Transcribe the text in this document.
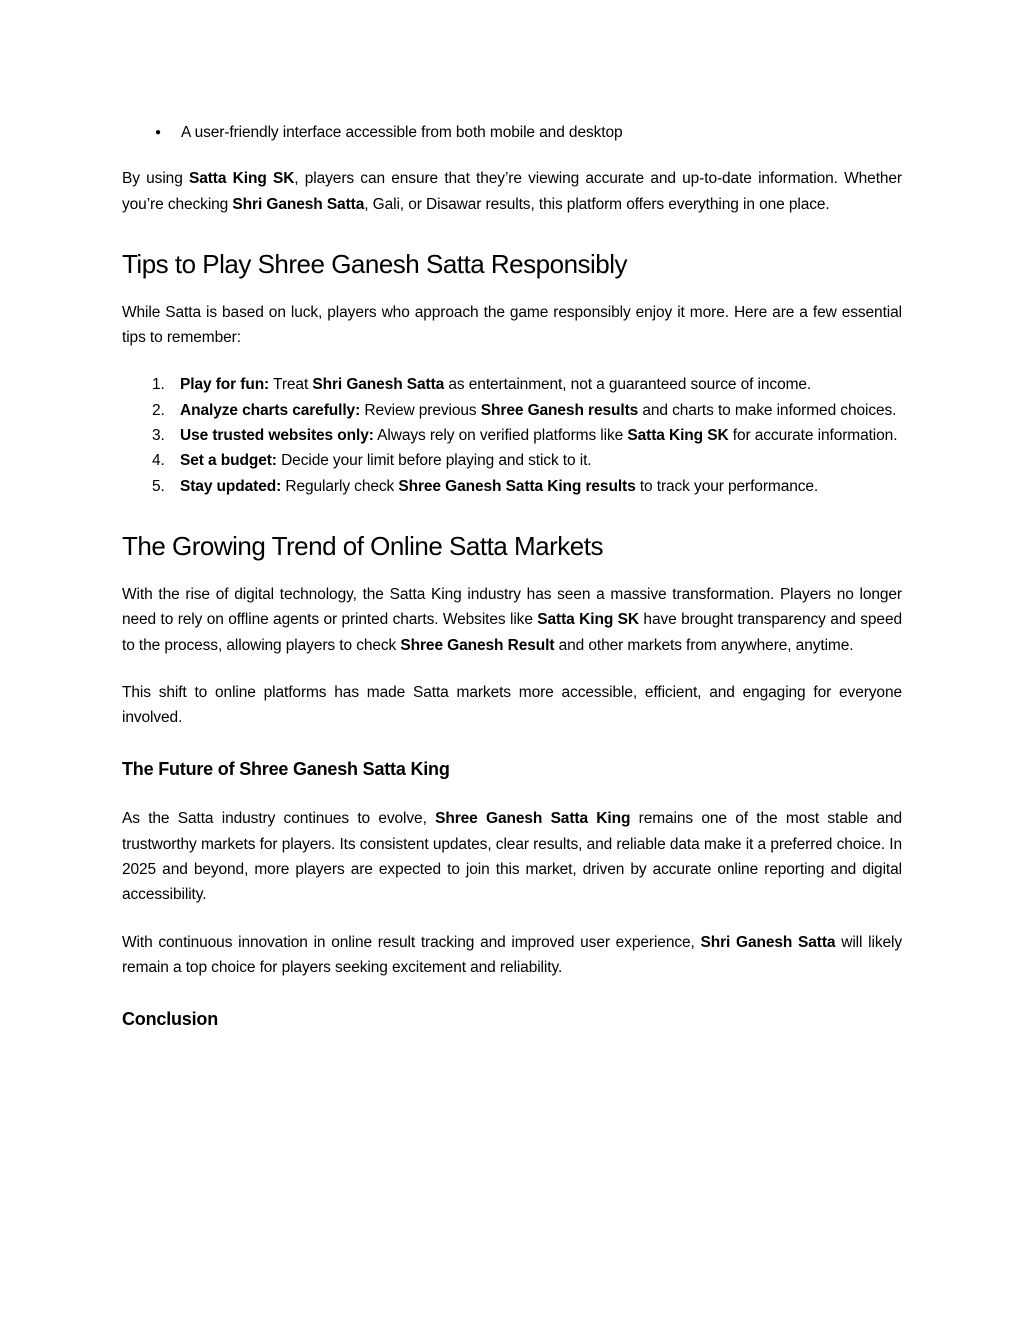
● A user-friendly interface accessible from both mobile and desktop

By using Satta King SK, players can ensure that they’re viewing accurate and up-to-date information. Whether you’re checking Shri Ganesh Satta, Gali, or Disawar results, this platform offers everything in one place.

Tips to Play Shree Ganesh Satta Responsibly

While Satta is based on luck, players who approach the game responsibly enjoy it more. Here are a few essential tips to remember:

1. Play for fun: Treat Shri Ganesh Satta as entertainment, not a guaranteed source of income.
2. Analyze charts carefully: Review previous Shree Ganesh results and charts to make informed choices.
3. Use trusted websites only: Always rely on verified platforms like Satta King SK for accurate information.
4. Set a budget: Decide your limit before playing and stick to it.
5. Stay updated: Regularly check Shree Ganesh Satta King results to track your performance.
The Growing Trend of Online Satta Markets

With the rise of digital technology, the Satta King industry has seen a massive transformation. Players no longer need to rely on offline agents or printed charts. Websites like Satta King SK have brought transparency and speed to the process, allowing players to check Shree Ganesh Result and other markets from anywhere, anytime.

This shift to online platforms has made Satta markets more accessible, efficient, and engaging for everyone involved.

The Future of Shree Ganesh Satta King

As the Satta industry continues to evolve, Shree Ganesh Satta King remains one of the most stable and trustworthy markets for players. Its consistent updates, clear results, and reliable data make it a preferred choice. In 2025 and beyond, more players are expected to join this market, driven by accurate online reporting and digital accessibility.

With continuous innovation in online result tracking and improved user experience, Shri Ganesh Satta will likely remain a top choice for players seeking excitement and reliability.

Conclusion
